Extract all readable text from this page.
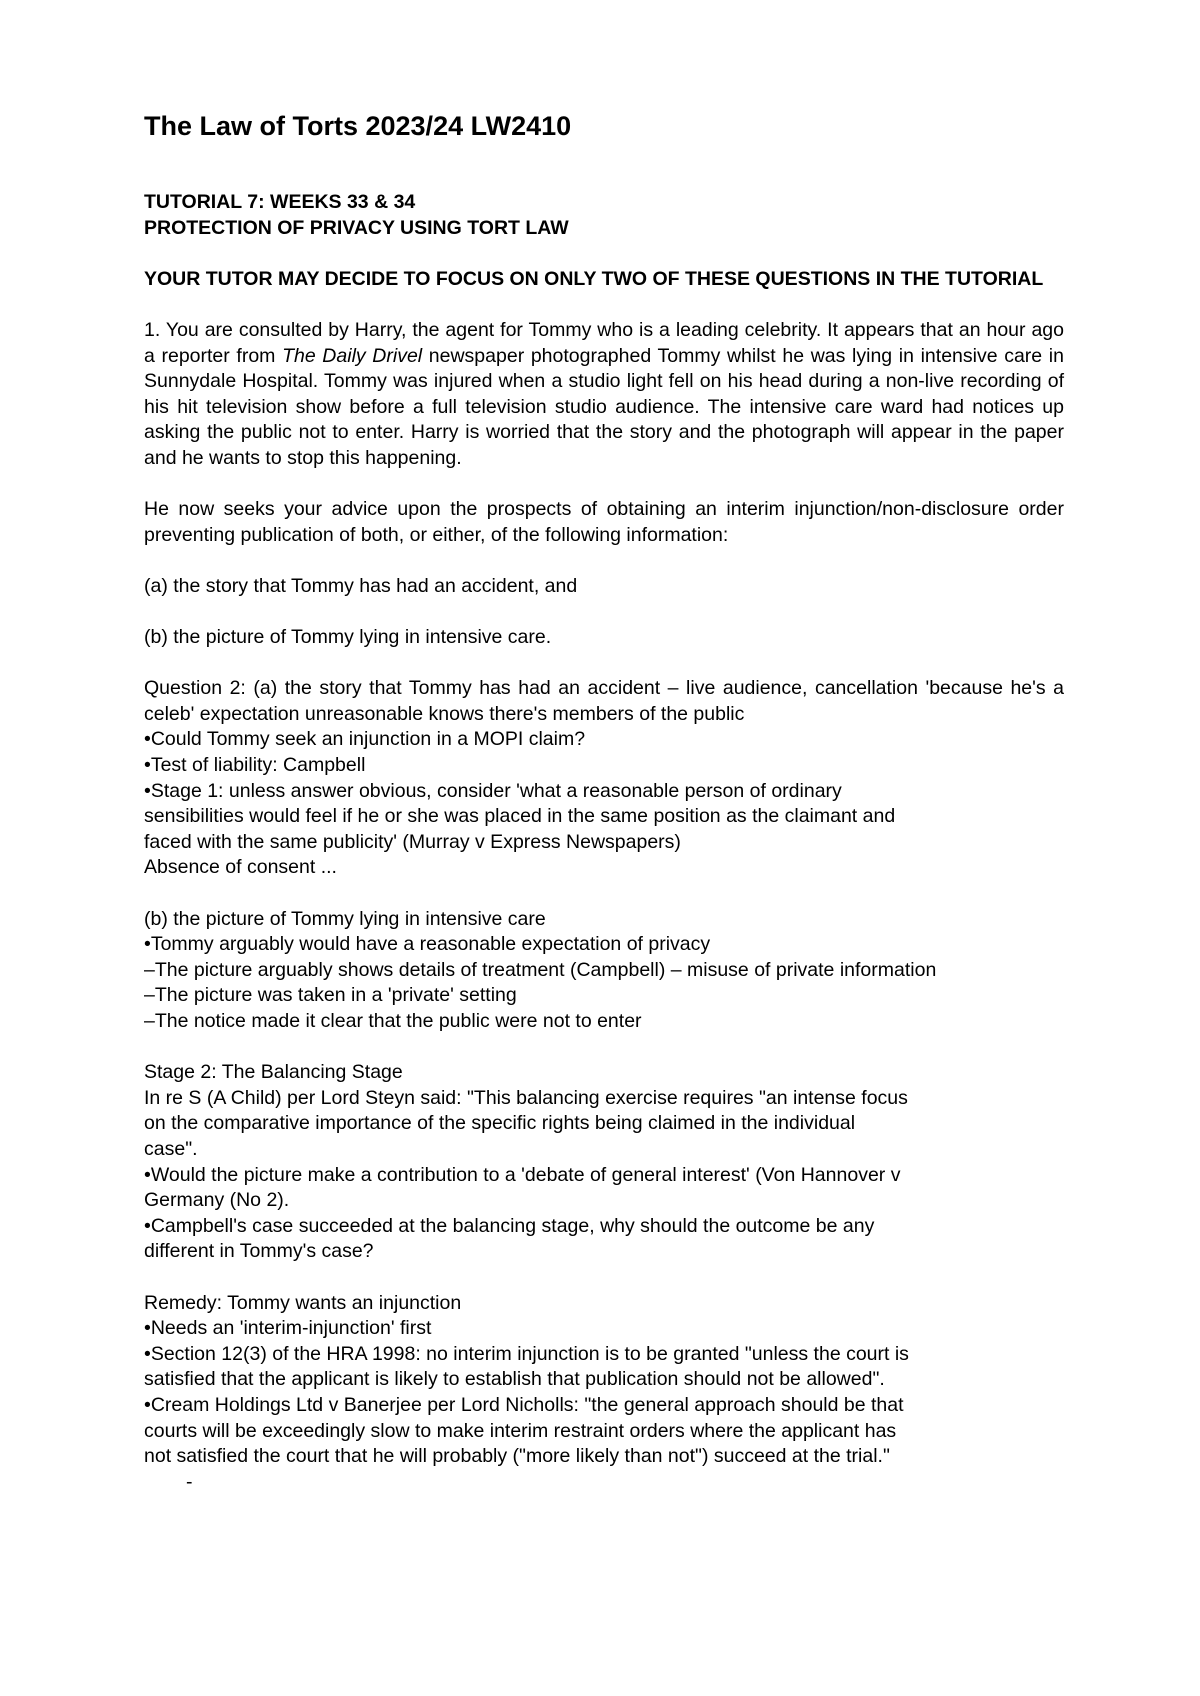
The Law of Torts 2023/24 LW2410

TUTORIAL 7: WEEKS 33 & 34

PROTECTION OF PRIVACY USING TORT LAW

YOUR TUTOR MAY DECIDE TO FOCUS ON ONLY TWO OF THESE QUESTIONS IN THE TUTORIAL

1. You are consulted by Harry, the agent for Tommy who is a leading celebrity. It appears that an hour ago a reporter from The Daily Drivel newspaper photographed Tommy whilst he was lying in intensive care in Sunnydale Hospital. Tommy was injured when a studio light fell on his head during a non-live recording of his hit television show before a full television studio audience. The intensive care ward had notices up asking the public not to enter. Harry is worried that the story and the photograph will appear in the paper and he wants to stop this happening.

He now seeks your advice upon the prospects of obtaining an interim injunction/non-disclosure order preventing publication of both, or either, of the following information:

(a) the story that Tommy has had an accident, and

(b) the picture of Tommy lying in intensive care.

Question 2: (a) the story that Tommy has had an accident – live audience, cancellation 'because he's a celeb' expectation unreasonable knows there's members of the public

•Could Tommy seek an injunction in a MOPI claim?

•Test of liability: Campbell

•Stage 1: unless answer obvious, consider 'what a reasonable person of ordinary

sensibilities would feel if he or she was placed in the same position as the claimant and

faced with the same publicity' (Murray v Express Newspapers)

Absence of consent ...

(b) the picture of Tommy lying in intensive care

•Tommy arguably would have a reasonable expectation of privacy

–The picture arguably shows details of treatment (Campbell) – misuse of private information

–The picture was taken in a 'private' setting

–The notice made it clear that the public were not to enter

Stage 2: The Balancing Stage

In re S (A Child) per Lord Steyn said: "This balancing exercise requires "an intense focus

on the comparative importance of the specific rights being claimed in the individual

case".

•Would the picture make a contribution to a 'debate of general interest' (Von Hannover v

Germany (No 2).

•Campbell's case succeeded at the balancing stage, why should the outcome be any

different in Tommy's case?

Remedy: Tommy wants an injunction

•Needs an 'interim-injunction' first

•Section 12(3) of the HRA 1998: no interim injunction is to be granted "unless the court is

satisfied that the applicant is likely to establish that publication should not be allowed".

•Cream Holdings Ltd v Banerjee per Lord Nicholls: "the general approach should be that

courts will be exceedingly slow to make interim restraint orders where the applicant has

not satisfied the court that he will probably ("more likely than not") succeed at the trial."

-
